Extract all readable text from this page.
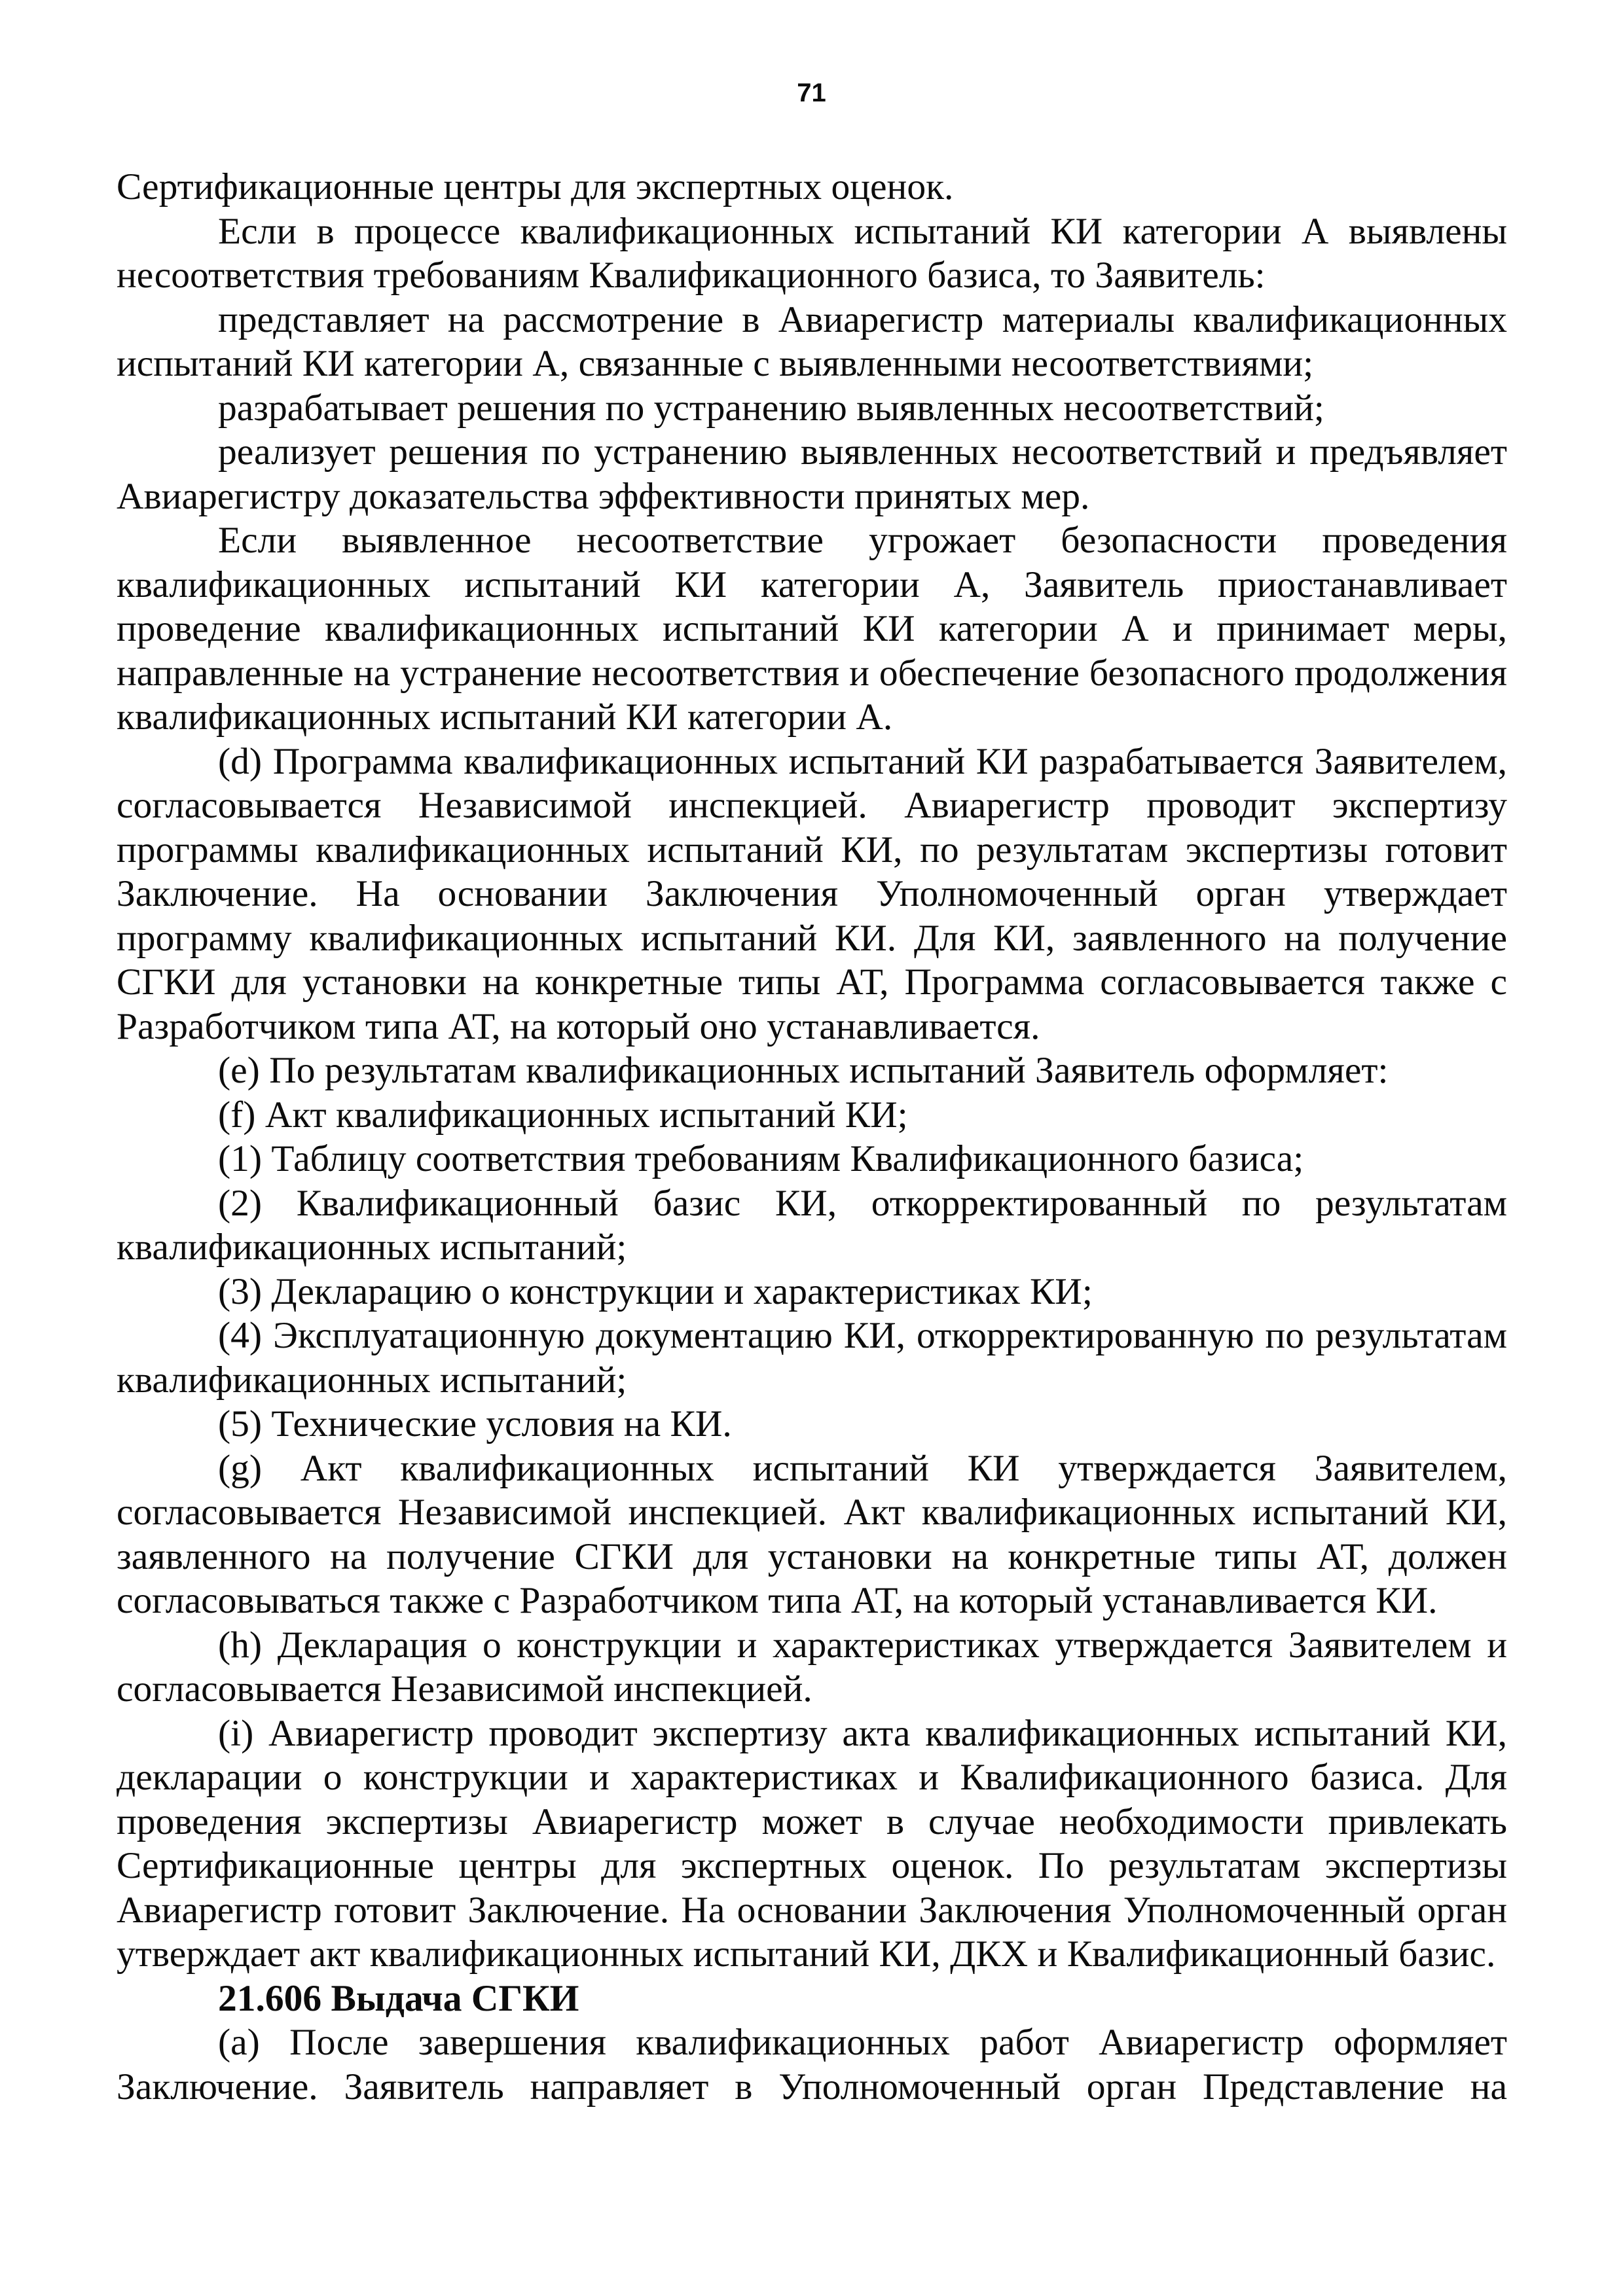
71

Сертификационные центры для экспертных оценок.

Если в процессе квалификационных испытаний КИ категории А выявлены несоответствия требованиям Квалификационного базиса, то Заявитель:

представляет на рассмотрение в Авиарегистр материалы квалификационных испытаний КИ категории А, связанные с выявленными несоответствиями;

разрабатывает решения по устранению выявленных несоответствий;

реализует решения по устранению выявленных несоответствий и предъявляет Авиарегистру доказательства эффективности принятых мер.

Если выявленное несоответствие угрожает безопасности проведения квалификационных испытаний КИ категории А, Заявитель приостанавливает проведение квалификационных испытаний КИ категории А и принимает меры, направленные на устранение несоответствия и обеспечение безопасного продолжения квалификационных испытаний КИ категории А.

(d) Программа квалификационных испытаний КИ разрабатывается Заявителем, согласовывается Независимой инспекцией. Авиарегистр проводит экспертизу программы квалификационных испытаний КИ, по результатам экспертизы готовит Заключение. На основании Заключения Уполномоченный орган утверждает программу квалификационных испытаний КИ. Для КИ, заявленного на получение СГКИ для установки на конкретные типы АТ, Программа согласовывается также с Разработчиком типа АТ, на который оно устанавливается.

(e) По результатам квалификационных испытаний Заявитель оформляет:

(f) Акт квалификационных испытаний КИ;

(1) Таблицу соответствия требованиям Квалификационного базиса;

(2) Квалификационный базис КИ, откорректированный по результатам квалификационных испытаний;

(3) Декларацию о конструкции и характеристиках КИ;

(4) Эксплуатационную документацию КИ, откорректированную по результатам квалификационных испытаний;

(5) Технические условия на КИ.

(g) Акт квалификационных испытаний КИ утверждается Заявителем, согласовывается Независимой инспекцией. Акт квалификационных испытаний КИ, заявленного на получение СГКИ для установки на конкретные типы АТ, должен согласовываться также с Разработчиком типа АТ, на который устанавливается КИ.

(h) Декларация о конструкции и характеристиках утверждается Заявителем и согласовывается Независимой инспекцией.

(i) Авиарегистр проводит экспертизу акта квалификационных испытаний КИ, декларации о конструкции и характеристиках и Квалификационного базиса. Для проведения экспертизы Авиарегистр может в случае необходимости привлекать Сертификационные центры для экспертных оценок. По результатам экспертизы Авиарегистр готовит Заключение. На основании Заключения Уполномоченный орган утверждает акт квалификационных испытаний КИ, ДКХ и Квалификационный базис.

21.606 Выдача СГКИ

(a) После завершения квалификационных работ Авиарегистр оформляет Заключение. Заявитель направляет в Уполномоченный орган Представление на
